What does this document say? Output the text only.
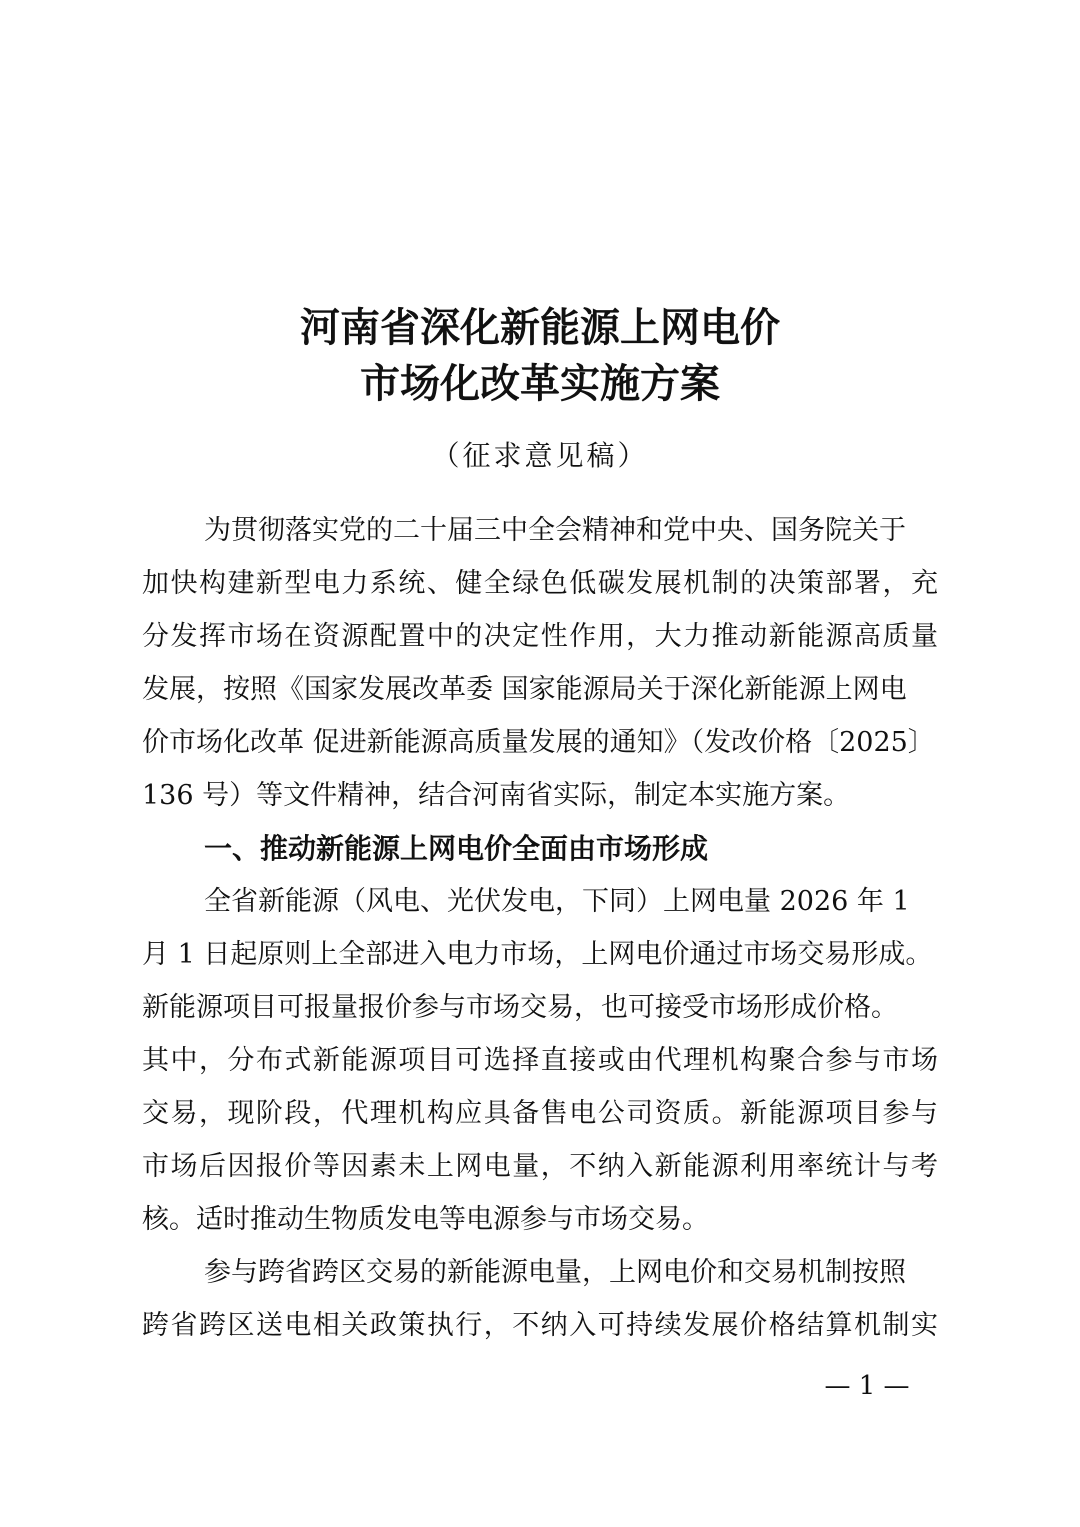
河南省深化新能源上网电价
市场化改革实施方案
（征求意见稿）
为贯彻落实党的二十届三中全会精神和党中央、国务院关于
加快构建新型电力系统、健全绿色低碳发展机制的决策部署，充
分发挥市场在资源配置中的决定性作用，大力推动新能源高质量
发展，按照《国家发展改革委 国家能源局关于深化新能源上网电
价市场化改革 促进新能源高质量发展的通知》（发改价格〔2025〕
136 号）等文件精神，结合河南省实际，制定本实施方案。
一、推动新能源上网电价全面由市场形成
全省新能源（风电、光伏发电，下同）上网电量 2026 年 1
月 1 日起原则上全部进入电力市场，上网电价通过市场交易形成。
新能源项目可报量报价参与市场交易，也可接受市场形成价格。
其中，分布式新能源项目可选择直接或由代理机构聚合参与市场
交易，现阶段，代理机构应具备售电公司资质。新能源项目参与
市场后因报价等因素未上网电量，不纳入新能源利用率统计与考
核。适时推动生物质发电等电源参与市场交易。
参与跨省跨区交易的新能源电量，上网电价和交易机制按照
跨省跨区送电相关政策执行，不纳入可持续发展价格结算机制实
— 1 —
